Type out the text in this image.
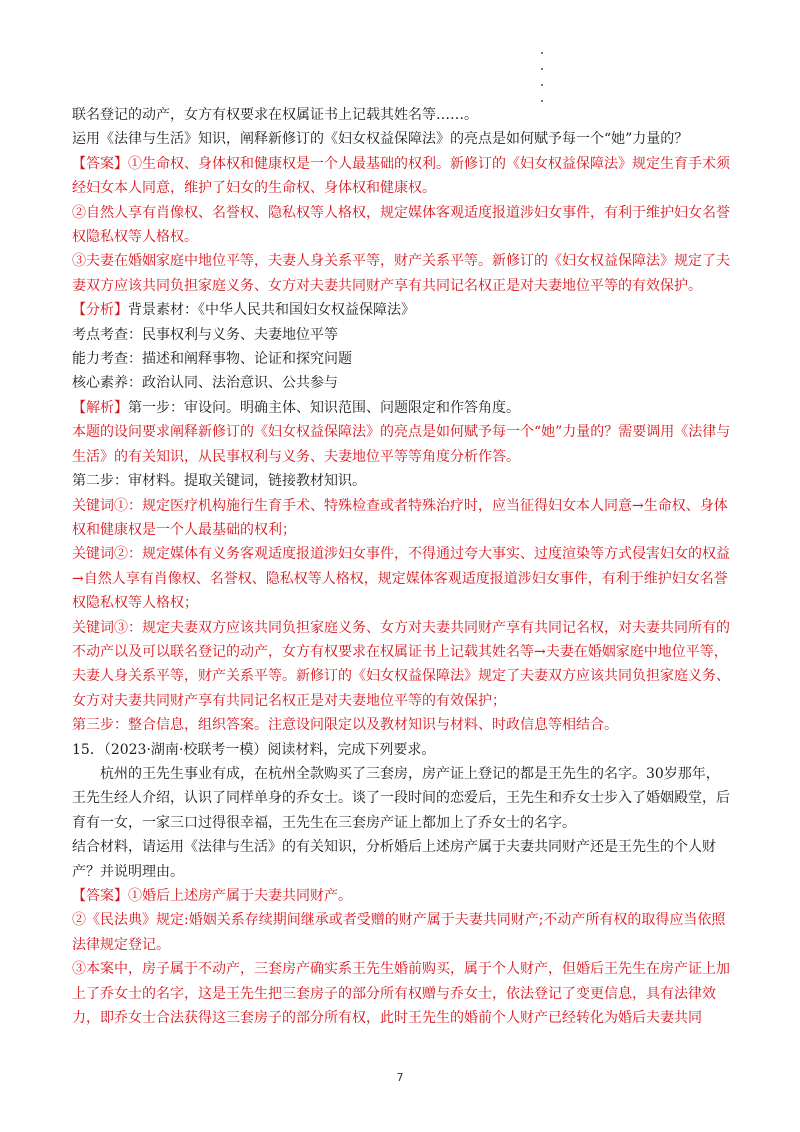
联名登记的动产，女方有权要求在权属证书上记载其姓名等……。

运用《法律与生活》知识，阐释新修订的《妇女权益保障法》的亮点是如何赋予每一个“她”力量的？

【答案】①生命权、身体权和健康权是一个人最基础的权利。新修订的《妇女权益保障法》规定生育手术须经妇女本人同意，维护了妇女的生命权、身体权和健康权。

②自然人享有肖像权、名誉权、隐私权等人格权，规定媒体客观适度报道涉妇女事件，有利于维护妇女名誉权隐私权等人格权。

③夫妻在婚姻家庭中地位平等，夫妻人身关系平等，财产关系平等。新修订的《妇女权益保障法》规定了夫妻双方应该共同负担家庭义务、女方对夫妻共同财产享有共同记名权正是对夫妻地位平等的有效保护。

【分析】背景素材：《中华人民共和国妇女权益保障法》

考点考查：民事权利与义务、夫妻地位平等

能力考查：描述和阐释事物、论证和探究问题

核心素养：政治认同、法治意识、公共参与

【解析】第一步：审设问。明确主体、知识范围、问题限定和作答角度。

本题的设问要求阐释新修订的《妇女权益保障法》的亮点是如何赋予每一个“她”力量的？需要调用《法律与生活》的有关知识，从民事权利与义务、夫妻地位平等等角度分析作答。

第二步：审材料。提取关键词，链接教材知识。

关键词①：规定医疗机构施行生育手术、特殊检查或者特殊治疗时，应当征得妇女本人同意→生命权、身体权和健康权是一个人最基础的权利；

关键词②：规定媒体有义务客观适度报道涉妇女事件，不得通过夸大事实、过度渲染等方式侵害妇女的权益→自然人享有肖像权、名誉权、隐私权等人格权，规定媒体客观适度报道涉妇女事件，有利于维护妇女名誉权隐私权等人格权；

关键词③：规定夫妻双方应该共同负担家庭义务、女方对夫妻共同财产享有共同记名权，对夫妻共同所有的不动产以及可以联名登记的动产，女方有权要求在权属证书上记载其姓名等→夫妻在婚姻家庭中地位平等，夫妻人身关系平等，财产关系平等。新修订的《妇女权益保障法》规定了夫妻双方应该共同负担家庭义务、女方对夫妻共同财产享有共同记名权正是对夫妻地位平等的有效保护；

第三步：整合信息，组织答案。注意设问限定以及教材知识与材料、时政信息等相结合。

15．（2023·湖南·校联考一模）阅读材料，完成下列要求。

杭州的王先生事业有成，在杭州全款购买了三套房，房产证上登记的都是王先生的名字。30岁那年，王先生经人介绍，认识了同样单身的乔女士。谈了一段时间的恋爱后，王先生和乔女士步入了婚姻殿堂，后育有一女，一家三口过得很幸福，王先生在三套房产证上都加上了乔女士的名字。

结合材料，请运用《法律与生活》的有关知识，分析婚后上述房产属于夫妻共同财产还是王先生的个人财产？并说明理由。

【答案】①婚后上述房产属于夫妻共同财产。

②《民法典》规定:婚姻关系存续期间继承或者受赠的财产属于夫妻共同财产;不动产所有权的取得应当依照法律规定登记。

③本案中，房子属于不动产，三套房产确实系王先生婚前购买，属于个人财产，但婚后王先生在房产证上加上了乔女士的名字，这是王先生把三套房子的部分所有权赠与乔女士，依法登记了变更信息，具有法律效力，即乔女士合法获得这三套房子的部分所有权，此时王先生的婚前个人财产已经转化为婚后夫妻共同

7
